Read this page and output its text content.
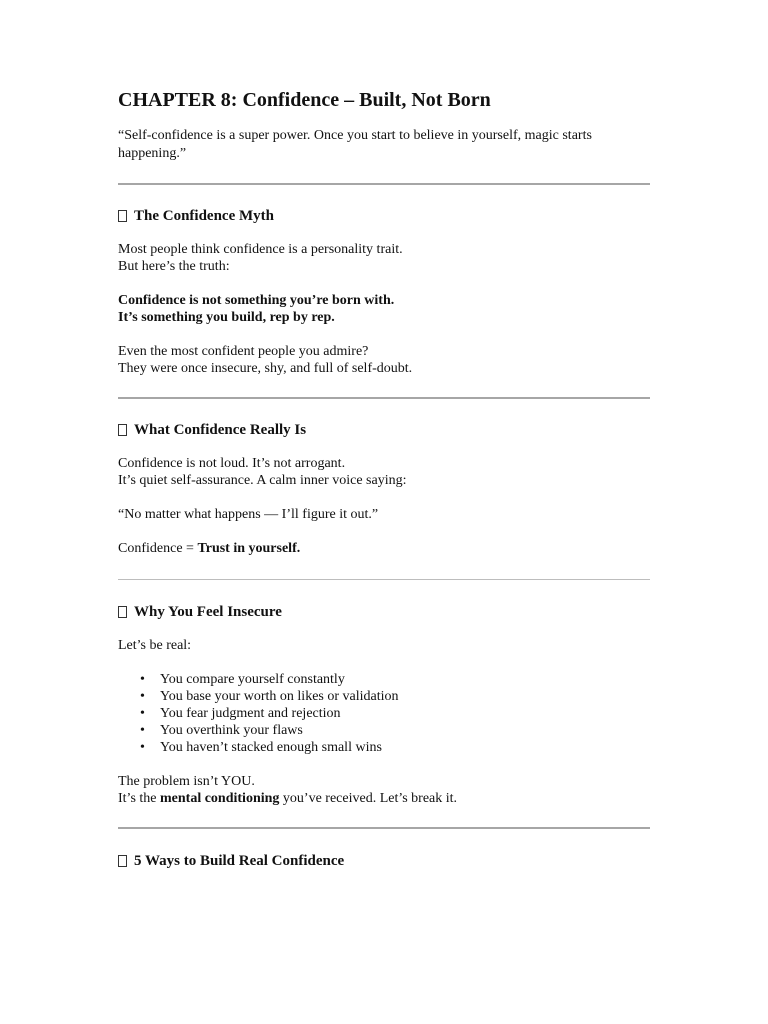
CHAPTER 8: Confidence – Built, Not Born

“Self-confidence is a super power. Once you start to believe in yourself, magic starts happening.”

The Confidence Myth

Most people think confidence is a personality trait.

But here’s the truth:

Confidence is not something you’re born with.

It’s something you build, rep by rep.

Even the most confident people you admire?

They were once insecure, shy, and full of self-doubt.

What Confidence Really Is

Confidence is not loud. It’s not arrogant.

It’s quiet self-assurance. A calm inner voice saying:

“No matter what happens — I’ll figure it out.”

Confidence = Trust in yourself.

Why You Feel Insecure

Let’s be real:

• You compare yourself constantly
• You base your worth on likes or validation
• You fear judgment and rejection
• You overthink your flaws
• You haven’t stacked enough small wins

The problem isn’t YOU.

It’s the mental conditioning you’ve received. Let’s break it.

5 Ways to Build Real Confidence
